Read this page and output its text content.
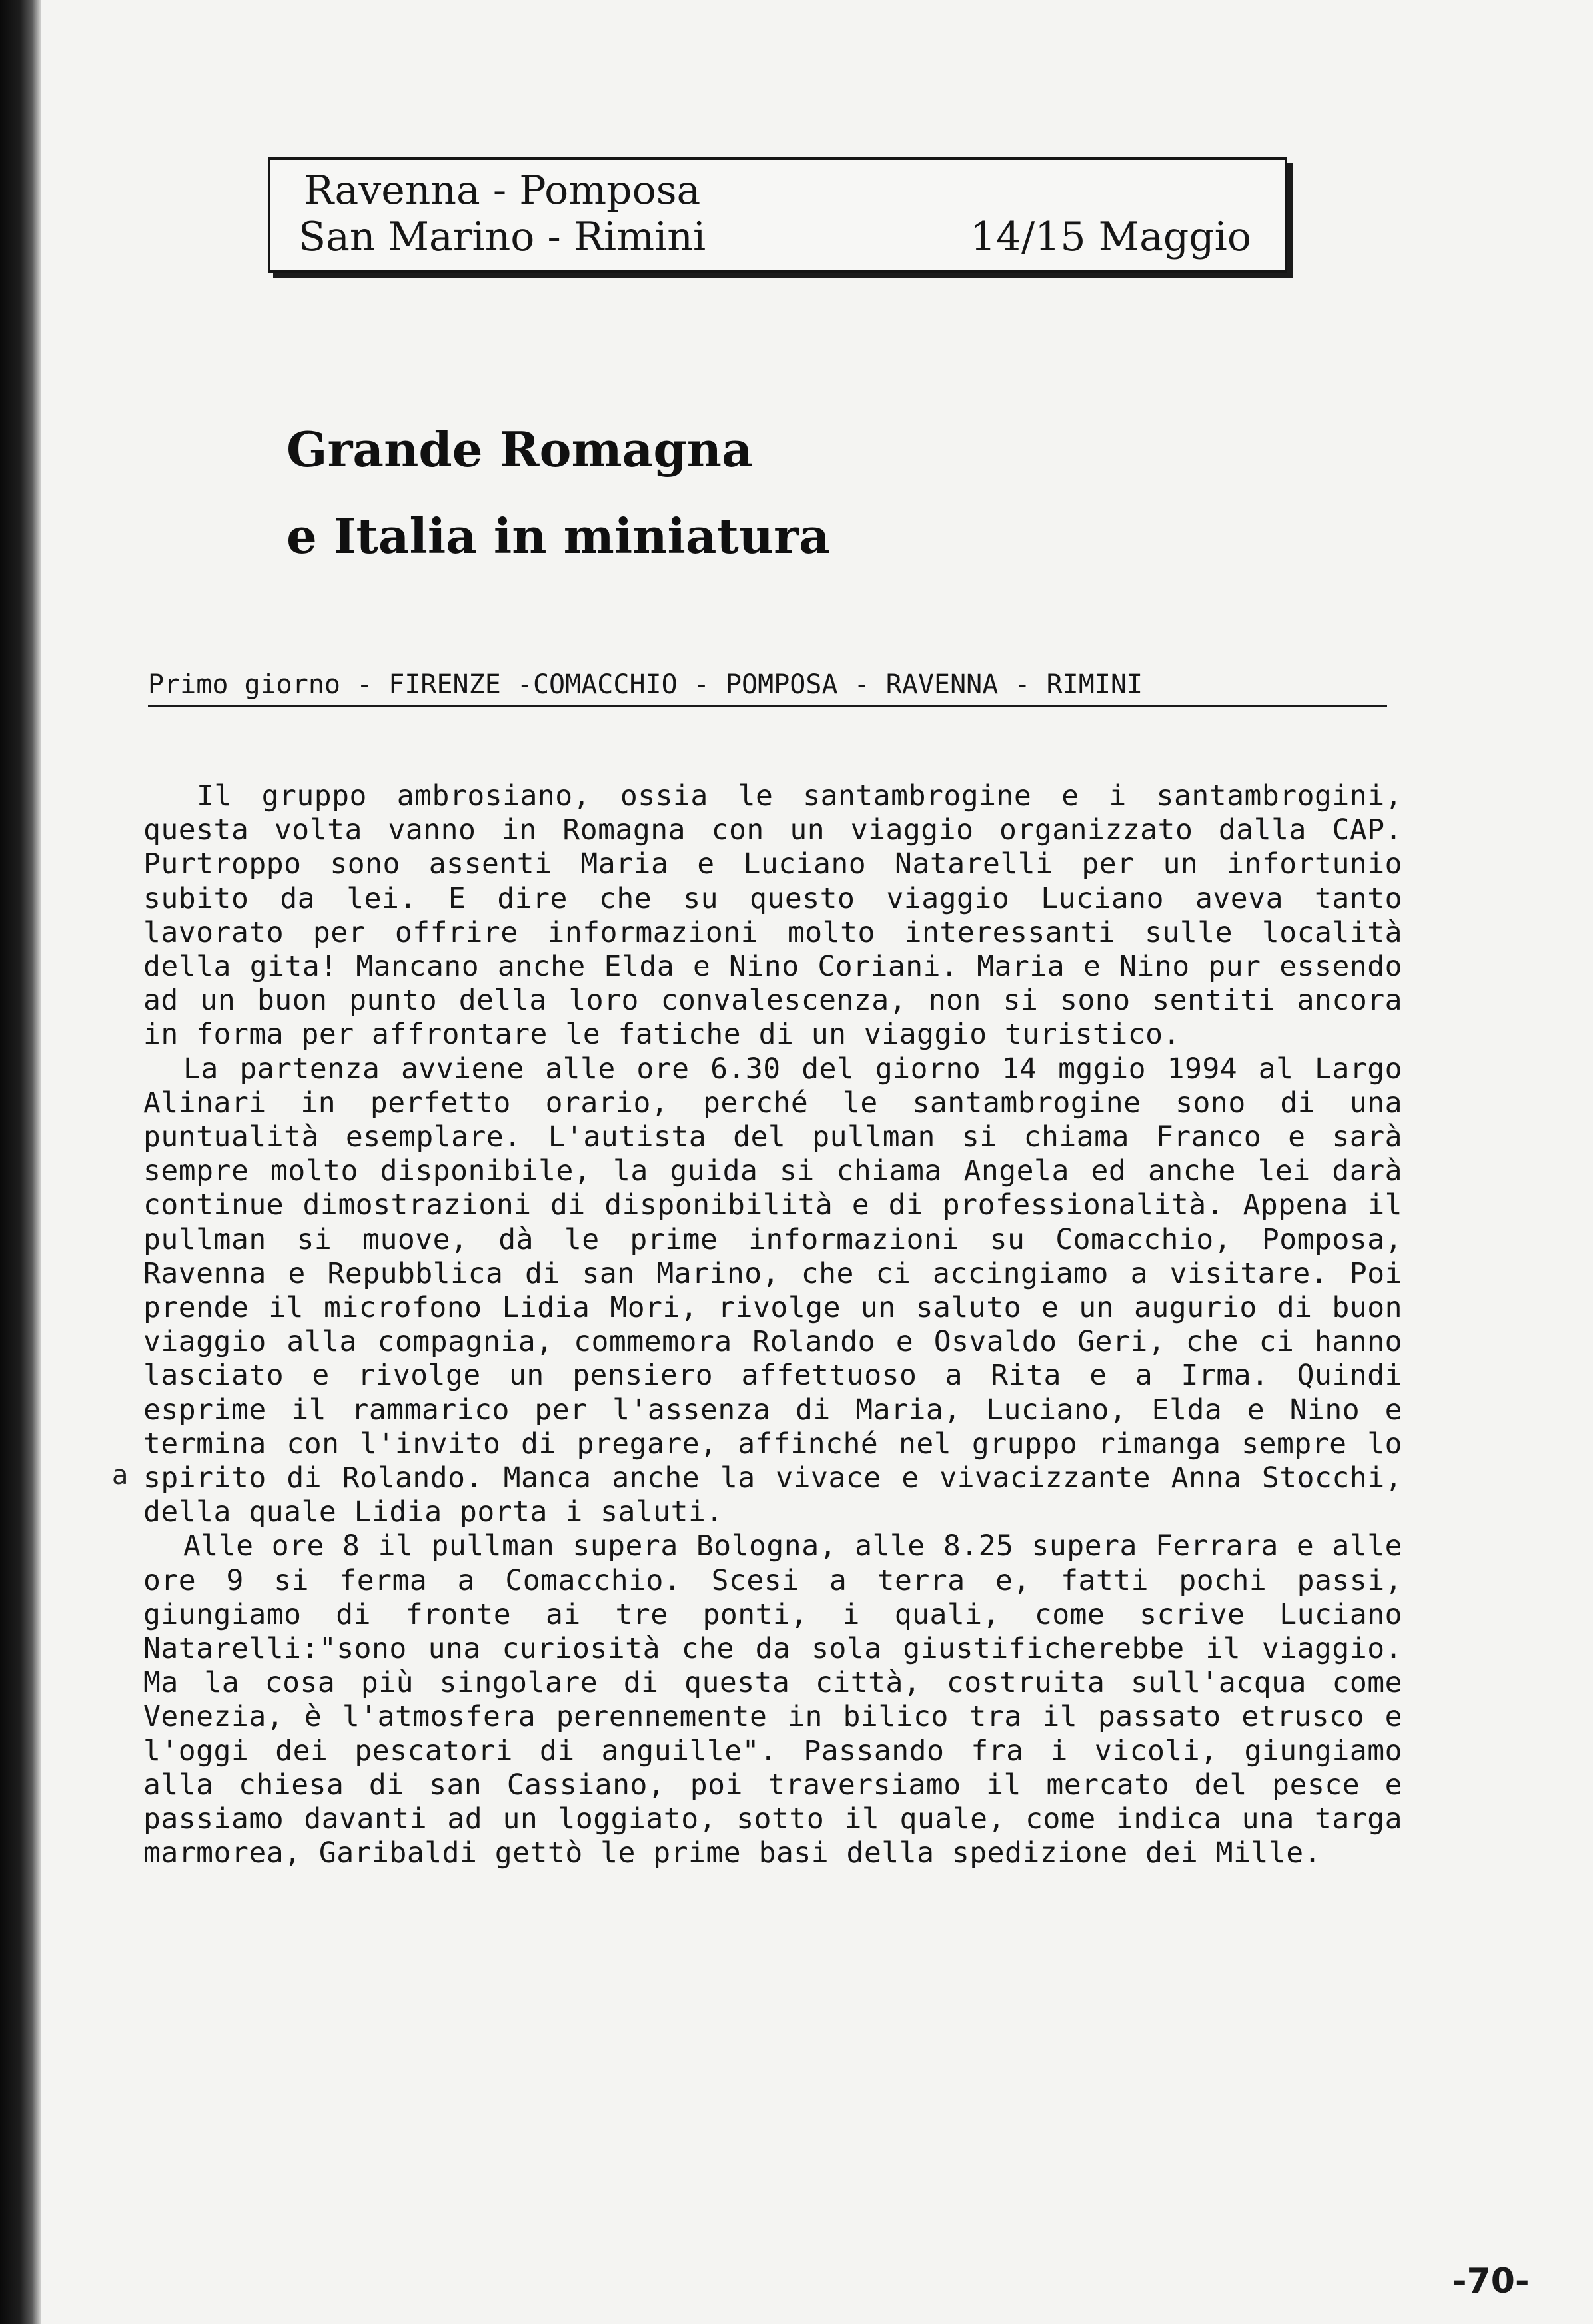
Ravenna - Pomposa
San Marino - Rimini	14/15 Maggio
Grande Romagna
e Italia in miniatura
Primo giorno - FIRENZE -COMACCHIO - POMPOSA - RAVENNA - RIMINI

Il gruppo ambrosiano, ossia le santambrogine e i santambrogini, questa volta vanno in Romagna con un viaggio organizzato dalla CAP. Purtroppo sono assenti Maria e Luciano Natarelli per un infortunio subito da lei. E dire che su questo viaggio Luciano aveva tanto lavorato per offrire informazioni molto interessanti sulle località della gita! Mancano anche Elda e Nino Coriani. Maria e Nino pur essendo ad un buon punto della loro convalescenza, non si sono sentiti ancora in forma per affrontare le fatiche di un viaggio turistico.

La partenza avviene alle ore 6.30 del giorno 14 mggio 1994 al Largo Alinari in perfetto orario, perché le santambrogine sono di una puntualità esemplare. L'autista del pullman si chiama Franco e sarà sempre molto disponibile, la guida si chiama Angela ed anche lei darà continue dimostrazioni di disponibilità e di professionalità. Appena il pullman si muove, dà le prime informazioni su Comacchio, Pomposa, Ravenna e Repubblica di san Marino, che ci accingiamo a visitare. Poi prende il microfono Lidia Mori, rivolge un saluto e un augurio di buon viaggio alla compagnia, commemora Rolando e Osvaldo Geri, che ci hanno lasciato e rivolge un pensiero affettuoso a Rita e a Irma. Quindi esprime il rammarico per l'assenza di Maria, Luciano, Elda e Nino e termina con l'invito di pregare, affinché nel gruppo rimanga sempre lo spirito di Rolando. Manca anche la vivace e vivacizzante Anna Stocchi, della quale Lidia porta i saluti.

Alle ore 8 il pullman supera Bologna, alle 8.25 supera Ferrara e alle ore 9 si ferma a Comacchio. Scesi a terra e, fatti pochi passi, giungiamo di fronte ai tre ponti, i quali, come scrive Luciano Natarelli:"sono una curiosità che da sola giustificherebbe il viaggio. Ma la cosa più singolare di questa città, costruita sull'acqua come Venezia, è l'atmosfera perennemente in bilico tra il passato etrusco e l'oggi dei pescatori di anguille". Passando fra i vicoli, giungiamo alla chiesa di san Cassiano, poi traversiamo il mercato del pesce e passiamo davanti ad un loggiato, sotto il quale, come indica una targa marmorea, Garibaldi gettò le prime basi della spedizione dei Mille.

a
-70-
